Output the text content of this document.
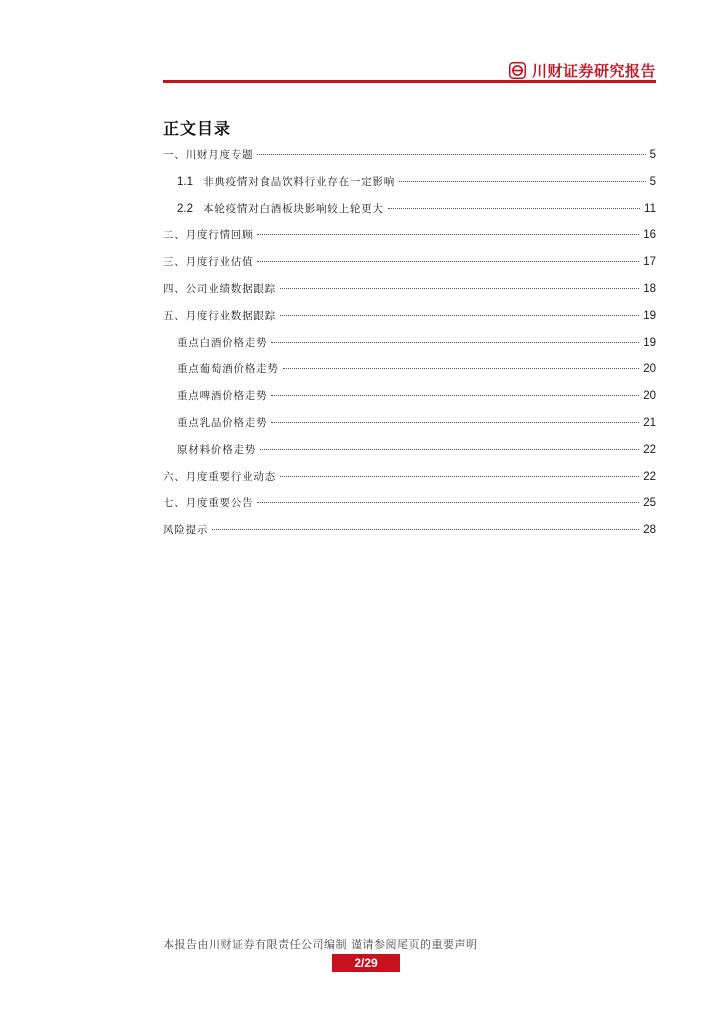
川财证券研究报告
正文目录
一、川财月度专题	5
1.1 非典疫情对食品饮料行业存在一定影响	5
2.2 本轮疫情对白酒板块影响较上轮更大	11
二、月度行情回顾	16
三、月度行业估值	17
四、公司业绩数据跟踪	18
五、月度行业数据跟踪	19
重点白酒价格走势	19
重点葡萄酒价格走势	20
重点啤酒价格走势	20
重点乳品价格走势	21
原材料价格走势	22
六、月度重要行业动态	22
七、月度重要公告	25
风险提示	28
本报告由川财证券有限责任公司编制 谨请参阅尾页的重要声明
2/29
